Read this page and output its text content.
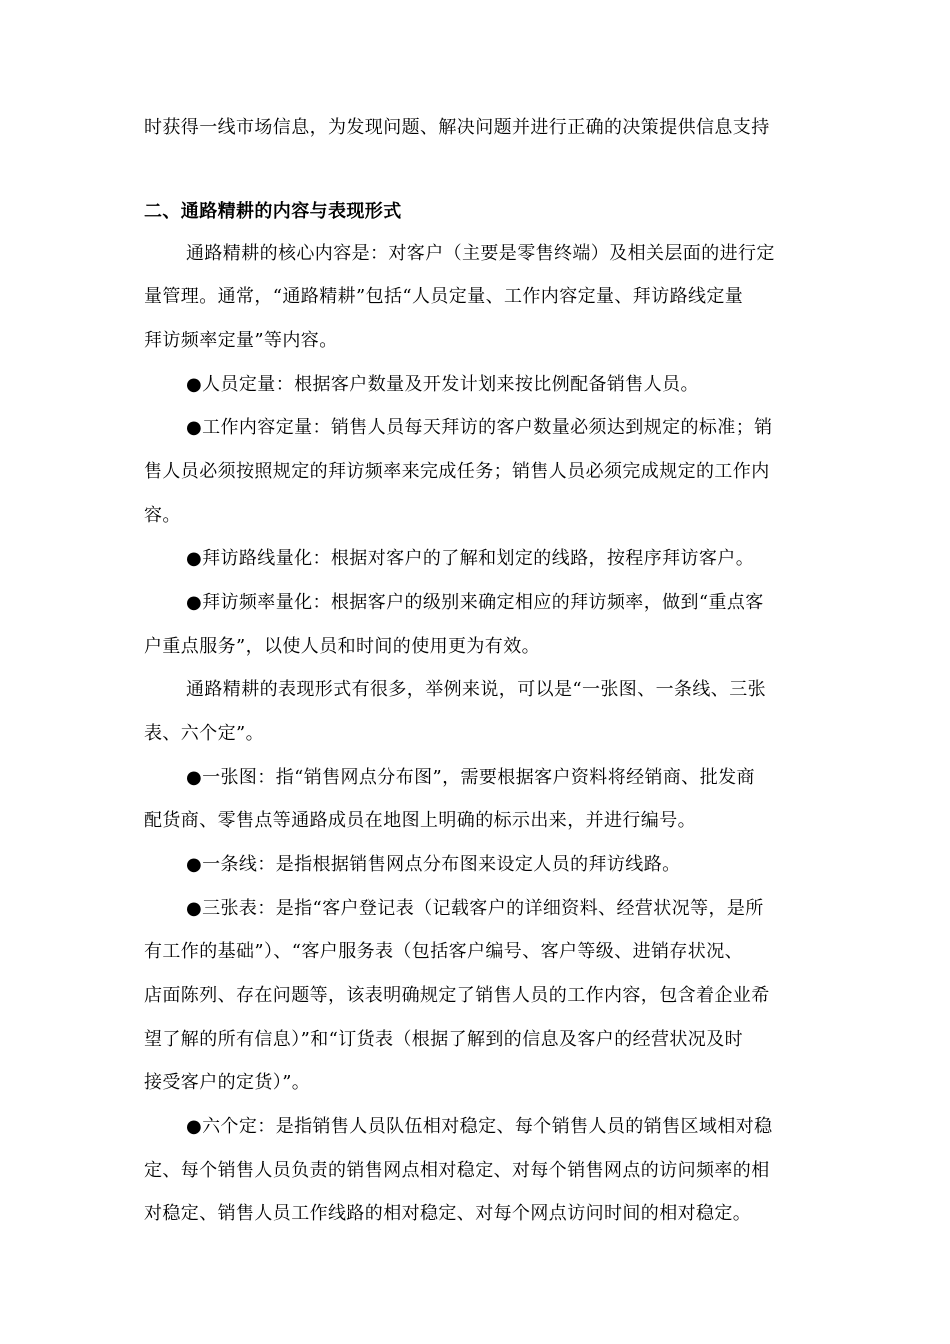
时获得一线市场信息，为发现问题、解决问题并进行正确的决策提供信息支持
二、通路精耕的内容与表现形式
通路精耕的核心内容是：对客户（主要是零售终端）及相关层面的进行定
量管理。通常，“通路精耕”包括“人员定量、工作内容定量、拜访路线定量
拜访频率定量”等内容。
●人员定量：根据客户数量及开发计划来按比例配备销售人员。
●工作内容定量：销售人员每天拜访的客户数量必须达到规定的标准；销
售人员必须按照规定的拜访频率来完成任务；销售人员必须完成规定的工作内
容。
●拜访路线量化：根据对客户的了解和划定的线路，按程序拜访客户。
●拜访频率量化：根据客户的级别来确定相应的拜访频率，做到“重点客
户重点服务”，以使人员和时间的使用更为有效。
通路精耕的表现形式有很多，举例来说，可以是“一张图、一条线、三张
表、六个定”。
●一张图：指“销售网点分布图”，需要根据客户资料将经销商、批发商
配货商、零售点等通路成员在地图上明确的标示出来，并进行编号。
●一条线：是指根据销售网点分布图来设定人员的拜访线路。
●三张表：是指“客户登记表（记载客户的详细资料、经营状况等，是所
有工作的基础”）、“客户服务表（包括客户编号、客户等级、进销存状况、
店面陈列、存在问题等，该表明确规定了销售人员的工作内容，包含着企业希
望了解的所有信息）”和“订货表（根据了解到的信息及客户的经营状况及时
接受客户的定货）”。
●六个定：是指销售人员队伍相对稳定、每个销售人员的销售区域相对稳
定、每个销售人员负责的销售网点相对稳定、对每个销售网点的访问频率的相
对稳定、销售人员工作线路的相对稳定、对每个网点访问时间的相对稳定。
